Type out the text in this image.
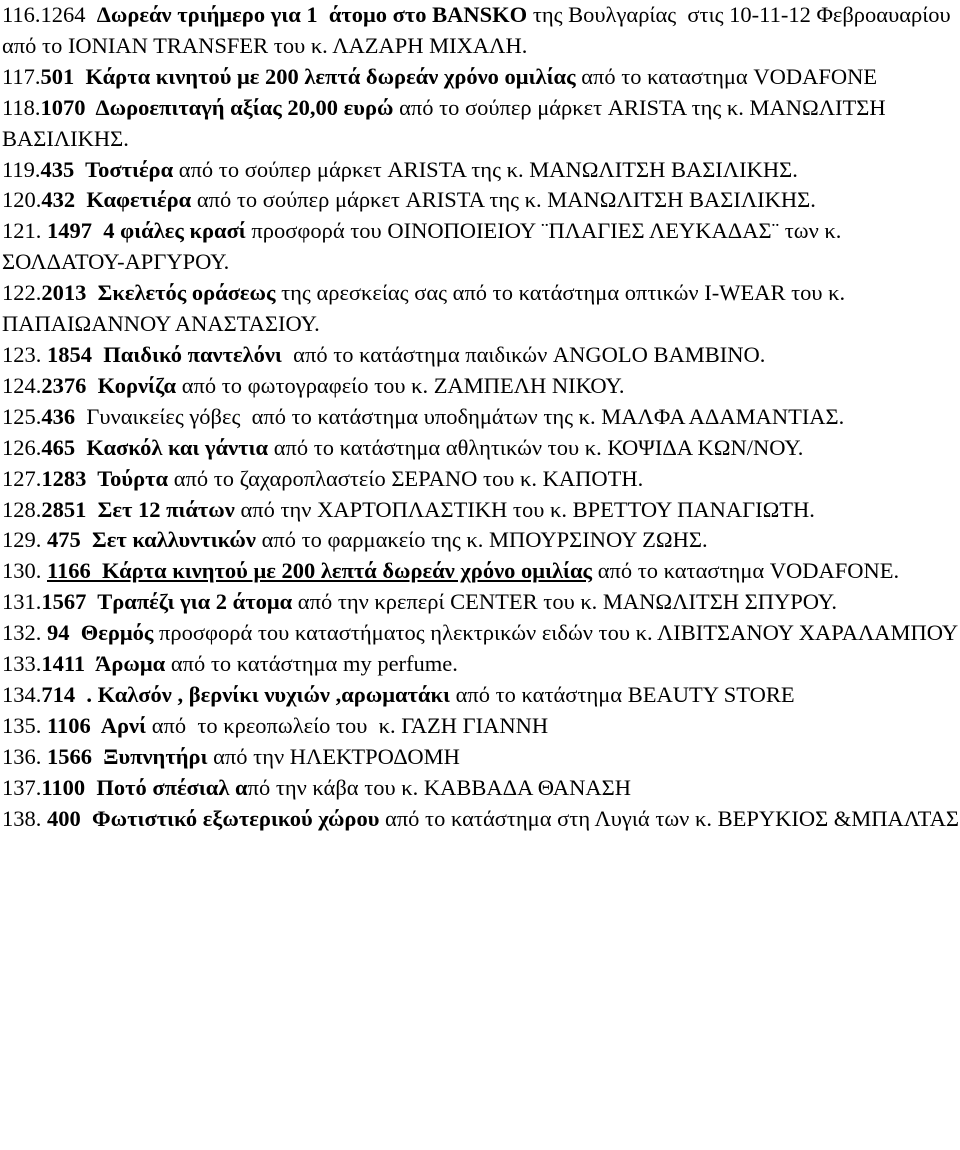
116.1264  Δωρεάν τριήμερο για 1  άτομο στο BANSKO της Βουλγαρίας  στις 10-11-12 Φεβροαυαρίου από το IONIAN TRANSFER του κ. ΛΑΖΑΡΗ ΜΙΧΑΛΗ.

117.501  Κάρτα κινητού με 200 λεπτά δωρεάν χρόνο ομιλίας από το καταστημα VODAFONE

118.1070  Δωροεπιταγή αξίας 20,00 ευρώ από το σούπερ μάρκετ ARISTA της κ. ΜΑΝΩΛΙΤΣΗ ΒΑΣΙΛΙΚΗΣ.

119.435  Τοστιέρα από το σούπερ μάρκετ ARISTA της κ. ΜΑΝΩΛΙΤΣΗ ΒΑΣΙΛΙΚΗΣ.

120.432  Καφετιέρα από το σούπερ μάρκετ ARISTA της κ. ΜΑΝΩΛΙΤΣΗ ΒΑΣΙΛΙΚΗΣ.

121. 1497  4 φιάλες κρασί προσφορά του ΟΙΝΟΠΟΙΕΙΟΥ ¨ΠΛΑΓΙΕΣ ΛΕΥΚΑΔΑΣ¨ των κ. ΣΟΛΔΑΤΟΥ-ΑΡΓΥΡΟΥ.

122.2013  Σκελετός οράσεως της αρεσκείας σας από το κατάστημα οπτικών I-WEAR του κ. ΠΑΠΑΙΩΑΝΝΟΥ ΑΝΑΣΤΑΣΙΟΥ.

123. 1854  Παιδικό παντελόνι  από το κατάστημα παιδικών ANGOLO BAMBINO.

124.2376  Κορνίζα από το φωτογραφείο του κ. ΖΑΜΠΕΛΗ ΝΙΚΟΥ.

125.436  Γυναικείες γόβες  από το κατάστημα υποδημάτων της κ. ΜΑΛΦΑ ΑΔΑΜΑΝΤΙΑΣ.

126.465  Κασκόλ και γάντια από το κατάστημα αθλητικών του κ. ΚΟΨΙΔΑ ΚΩΝ/ΝΟΥ.

127.1283  Τούρτα από το ζαχαροπλαστείο ΣΕΡΑΝΟ του κ. ΚΑΠΟΤΗ.

128.2851  Σετ 12 πιάτων από την ΧΑΡΤΟΠΛΑΣΤΙΚΗ του κ. ΒΡΕΤΤΟΥ ΠΑΝΑΓΙΩΤΗ.

129. 475  Σετ καλλυντικών από το φαρμακείο της κ. ΜΠΟΥΡΣΙΝΟΥ ΖΩΗΣ.

130. 1166  Κάρτα κινητού με 200 λεπτά δωρεάν χρόνο ομιλίας από το καταστημα VODAFONE.

131.1567  Τραπέζι για 2 άτομα από την κρεπερί CENTER του κ. ΜΑΝΩΛΙΤΣΗ ΣΠΥΡΟΥ.

132. 94  Θερμός προσφορά του καταστήματος ηλεκτρικών ειδών του κ. ΛΙΒΙΤΣΑΝΟΥ ΧΑΡΑΛΑΜΠΟΥ

133.1411  Άρωμα από το κατάστημα my perfume.

134.714  . Καλσόν , βερνίκι νυχιών ,αρωματάκι από το κατάστημα BEAUTY STORE

135. 1106  Αρνί από  το κρεοπωλείο του  κ. ΓΑΖΗ ΓΙΑΝΝΗ

136. 1566  Ξυπνητήρι από την ΗΛΕΚΤΡΟΔΟΜΗ

137.1100  Ποτό σπέσιαλ από την κάβα του κ. ΚΑΒΒΑΔΑ ΘΑΝΑΣΗ

138. 400  Φωτιστικό εξωτερικού χώρου από το κατάστημα στη Λυγιά των κ. ΒΕΡΥΚΙΟΣ &ΜΠΑΛΤΑΣ
